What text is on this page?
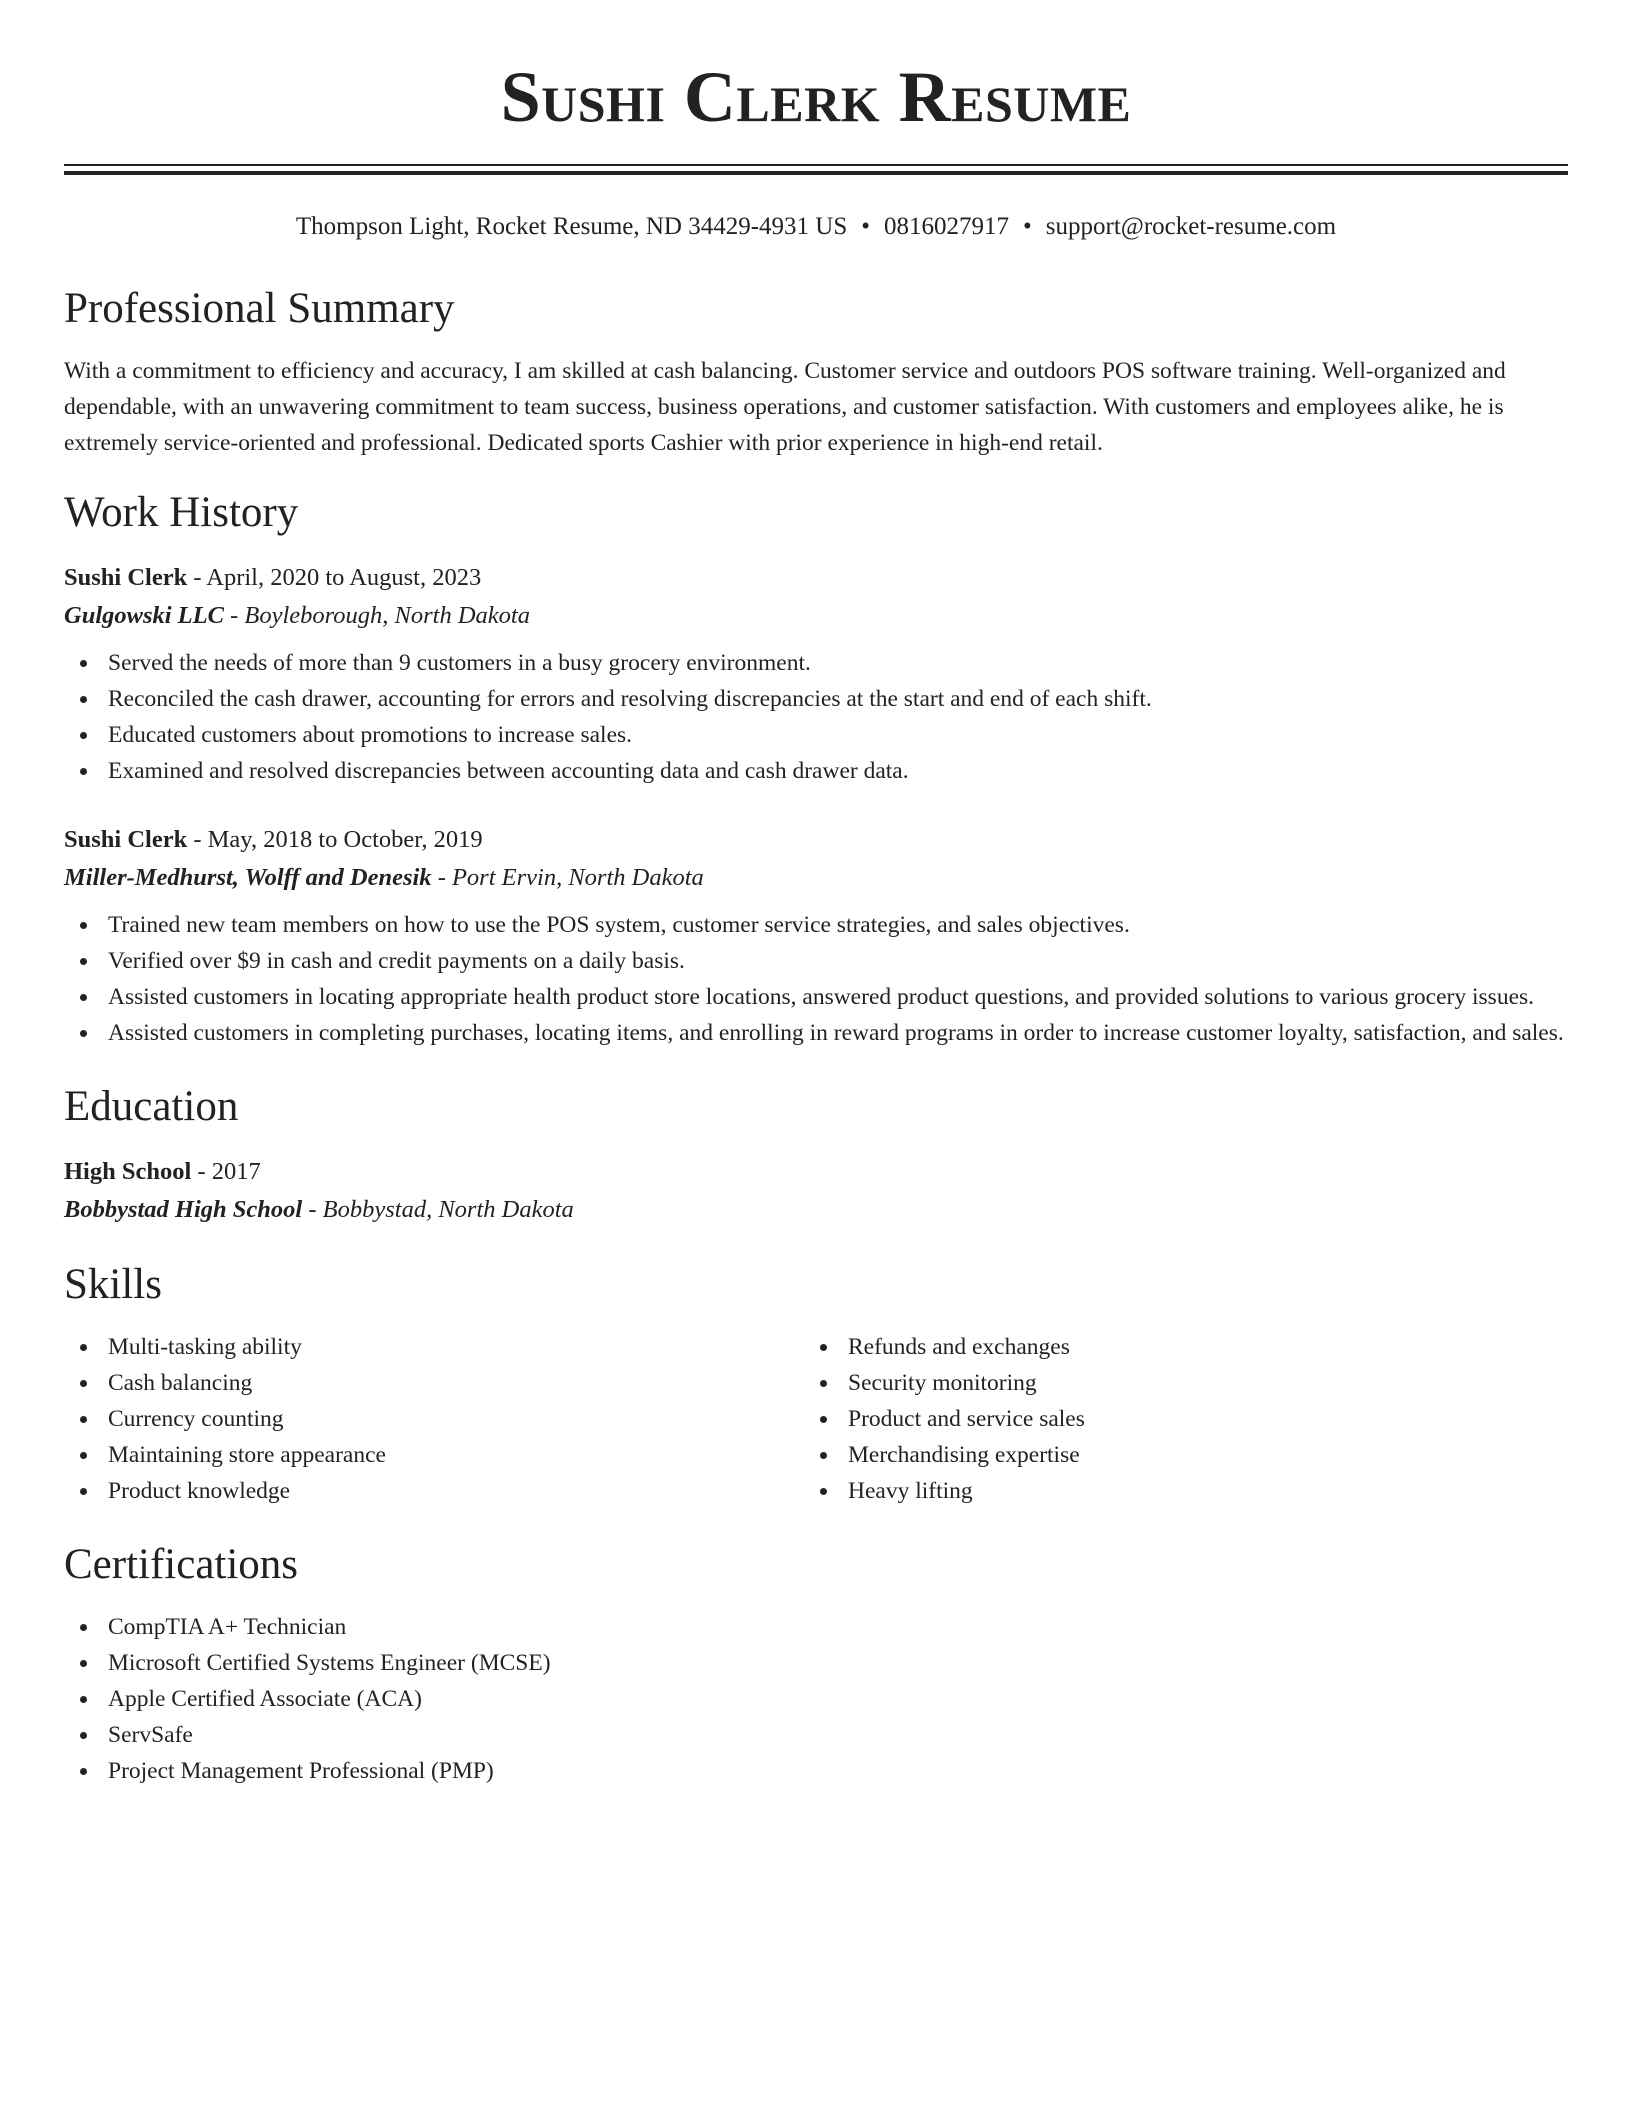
Sushi Clerk Resume
Thompson Light, Rocket Resume, ND 34429-4931 US • 0816027917 • support@rocket-resume.com
Professional Summary
With a commitment to efficiency and accuracy, I am skilled at cash balancing. Customer service and outdoors POS software training. Well-organized and dependable, with an unwavering commitment to team success, business operations, and customer satisfaction. With customers and employees alike, he is extremely service-oriented and professional. Dedicated sports Cashier with prior experience in high-end retail.
Work History
Sushi Clerk - April, 2020 to August, 2023
Gulgowski LLC - Boyleborough, North Dakota
Served the needs of more than 9 customers in a busy grocery environment.
Reconciled the cash drawer, accounting for errors and resolving discrepancies at the start and end of each shift.
Educated customers about promotions to increase sales.
Examined and resolved discrepancies between accounting data and cash drawer data.
Sushi Clerk - May, 2018 to October, 2019
Miller-Medhurst, Wolff and Denesik - Port Ervin, North Dakota
Trained new team members on how to use the POS system, customer service strategies, and sales objectives.
Verified over $9 in cash and credit payments on a daily basis.
Assisted customers in locating appropriate health product store locations, answered product questions, and provided solutions to various grocery issues.
Assisted customers in completing purchases, locating items, and enrolling in reward programs in order to increase customer loyalty, satisfaction, and sales.
Education
High School - 2017
Bobbystad High School - Bobbystad, North Dakota
Skills
Multi-tasking ability
Cash balancing
Currency counting
Maintaining store appearance
Product knowledge
Refunds and exchanges
Security monitoring
Product and service sales
Merchandising expertise
Heavy lifting
Certifications
CompTIA A+ Technician
Microsoft Certified Systems Engineer (MCSE)
Apple Certified Associate (ACA)
ServSafe
Project Management Professional (PMP)
